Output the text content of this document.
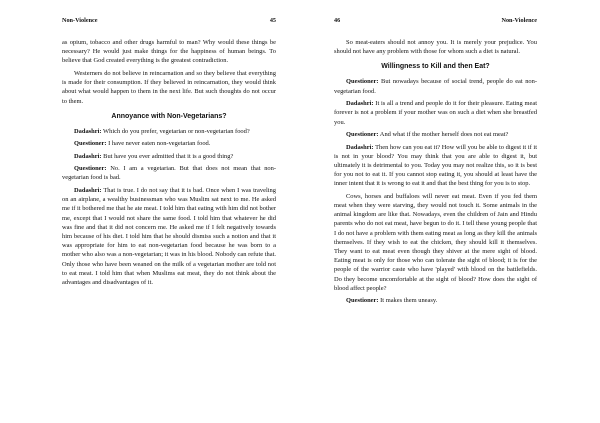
Non-Violence	45

as opium, tobacco and other drugs harmful to man? Why would these things be necessary? He would just make things for the happiness of human beings. To believe that God created everything is the greatest contradiction.

Westerners do not believe in reincarnation and so they believe that everything is made for their consumption. If they believed in reincarnation, they would think about what would happen to them in the next life. But such thoughts do not occur to them.

Annoyance with Non-Vegetarians?

Dadashri: Which do you prefer, vegetarian or non-vegetarian food?

Questioner: I have never eaten non-vegetarian food.

Dadashri: But have you ever admitted that it is a good thing?

Questioner: No. I am a vegetarian. But that does not mean that non-vegetarian food is bad.

Dadashri: That is true. I do not say that it is bad. Once when I was traveling on an airplane, a wealthy businessman who was Muslim sat next to me. He asked me if it bothered me that he ate meat. I told him that eating with him did not bother me, except that I would not share the same food. I told him that whatever he did was fine and that it did not concern me. He asked me if I felt negatively towards him because of his diet. I told him that he should dismiss such a notion and that it was appropriate for him to eat non-vegetarian food because he was born to a mother who also was a non-vegetarian; it was in his blood. Nobody can refute that. Only those who have been weaned on the milk of a vegetarian mother are told not to eat meat. I told him that when Muslims eat meat, they do not think about the advantages and disadvantages of it.

46	Non-Violence

So meat-eaters should not annoy you. It is merely your prejudice. You should not have any problem with those for whom such a diet is natural.

Willingness to Kill and then Eat?

Questioner: But nowadays because of social trend, people do eat non-vegetarian food.

Dadashri: It is all a trend and people do it for their pleasure. Eating meat forever is not a problem if your mother was on such a diet when she breastfed you.

Questioner: And what if the mother herself does not eat meat?

Dadashri: Then how can you eat it? How will you be able to digest it if it is not in your blood? You may think that you are able to digest it, but ultimately it is detrimental to you. Today you may not realize this, so it is best for you not to eat it. If you cannot stop eating it, you should at least have the inner intent that it is wrong to eat it and that the best thing for you is to stop.

Cows, horses and buffaloes will never eat meat. Even if you fed them meat when they were starving, they would not touch it. Some animals in the animal kingdom are like that. Nowadays, even the children of Jain and Hindu parents who do not eat meat, have begun to do it. I tell these young people that I do not have a problem with them eating meat as long as they kill the animals themselves. If they wish to eat the chicken, they should kill it themselves. They want to eat meat even though they shiver at the mere sight of blood. Eating meat is only for those who can tolerate the sight of blood; it is for the people of the warrior caste who have 'played' with blood on the battlefields. Do they become uncomfortable at the sight of blood? How does the sight of blood affect people?

Questioner: It makes them uneasy.
